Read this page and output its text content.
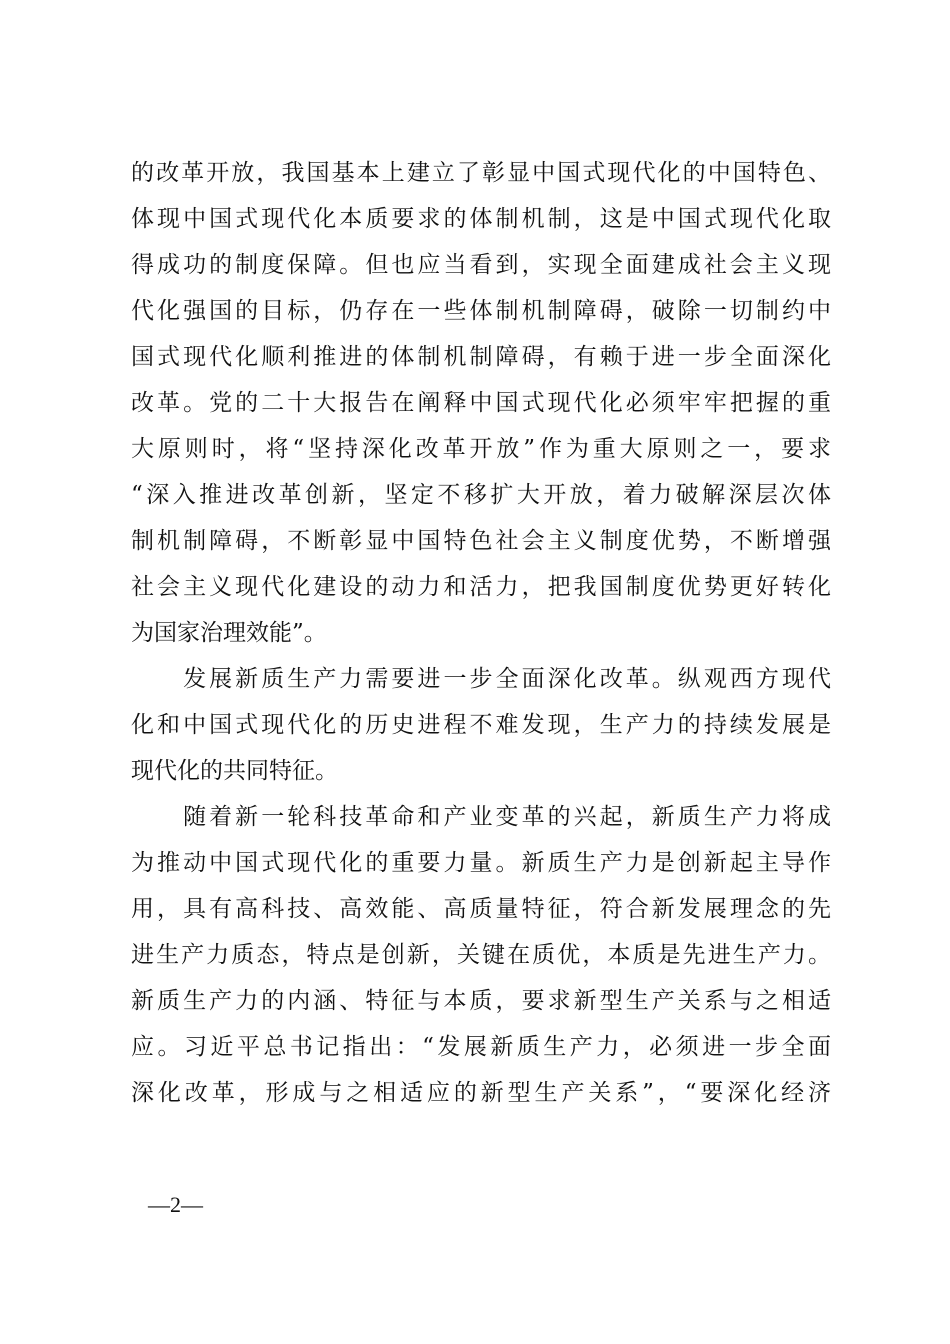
的改革开放，我国基本上建立了彰显中国式现代化的中国特色、
体现中国式现代化本质要求的体制机制，这是中国式现代化取
得成功的制度保障。但也应当看到，实现全面建成社会主义现
代化强国的目标，仍存在一些体制机制障碍，破除一切制约中
国式现代化顺利推进的体制机制障碍，有赖于进一步全面深化
改革。党的二十大报告在阐释中国式现代化必须牢牢把握的重
大原则时，将“坚持深化改革开放”作为重大原则之一，要求
“深入推进改革创新，坚定不移扩大开放，着力破解深层次体
制机制障碍，不断彰显中国特色社会主义制度优势，不断增强
社会主义现代化建设的动力和活力，把我国制度优势更好转化
为国家治理效能”。
　　发展新质生产力需要进一步全面深化改革。纵观西方现代
化和中国式现代化的历史进程不难发现，生产力的持续发展是
现代化的共同特征。
　　随着新一轮科技革命和产业变革的兴起，新质生产力将成
为推动中国式现代化的重要力量。新质生产力是创新起主导作
用，具有高科技、高效能、高质量特征，符合新发展理念的先
进生产力质态，特点是创新，关键在质优，本质是先进生产力。
新质生产力的内涵、特征与本质，要求新型生产关系与之相适
应。习近平总书记指出：“发展新质生产力，必须进一步全面
深化改革，形成与之相适应的新型生产关系”，“要深化经济
—2—
